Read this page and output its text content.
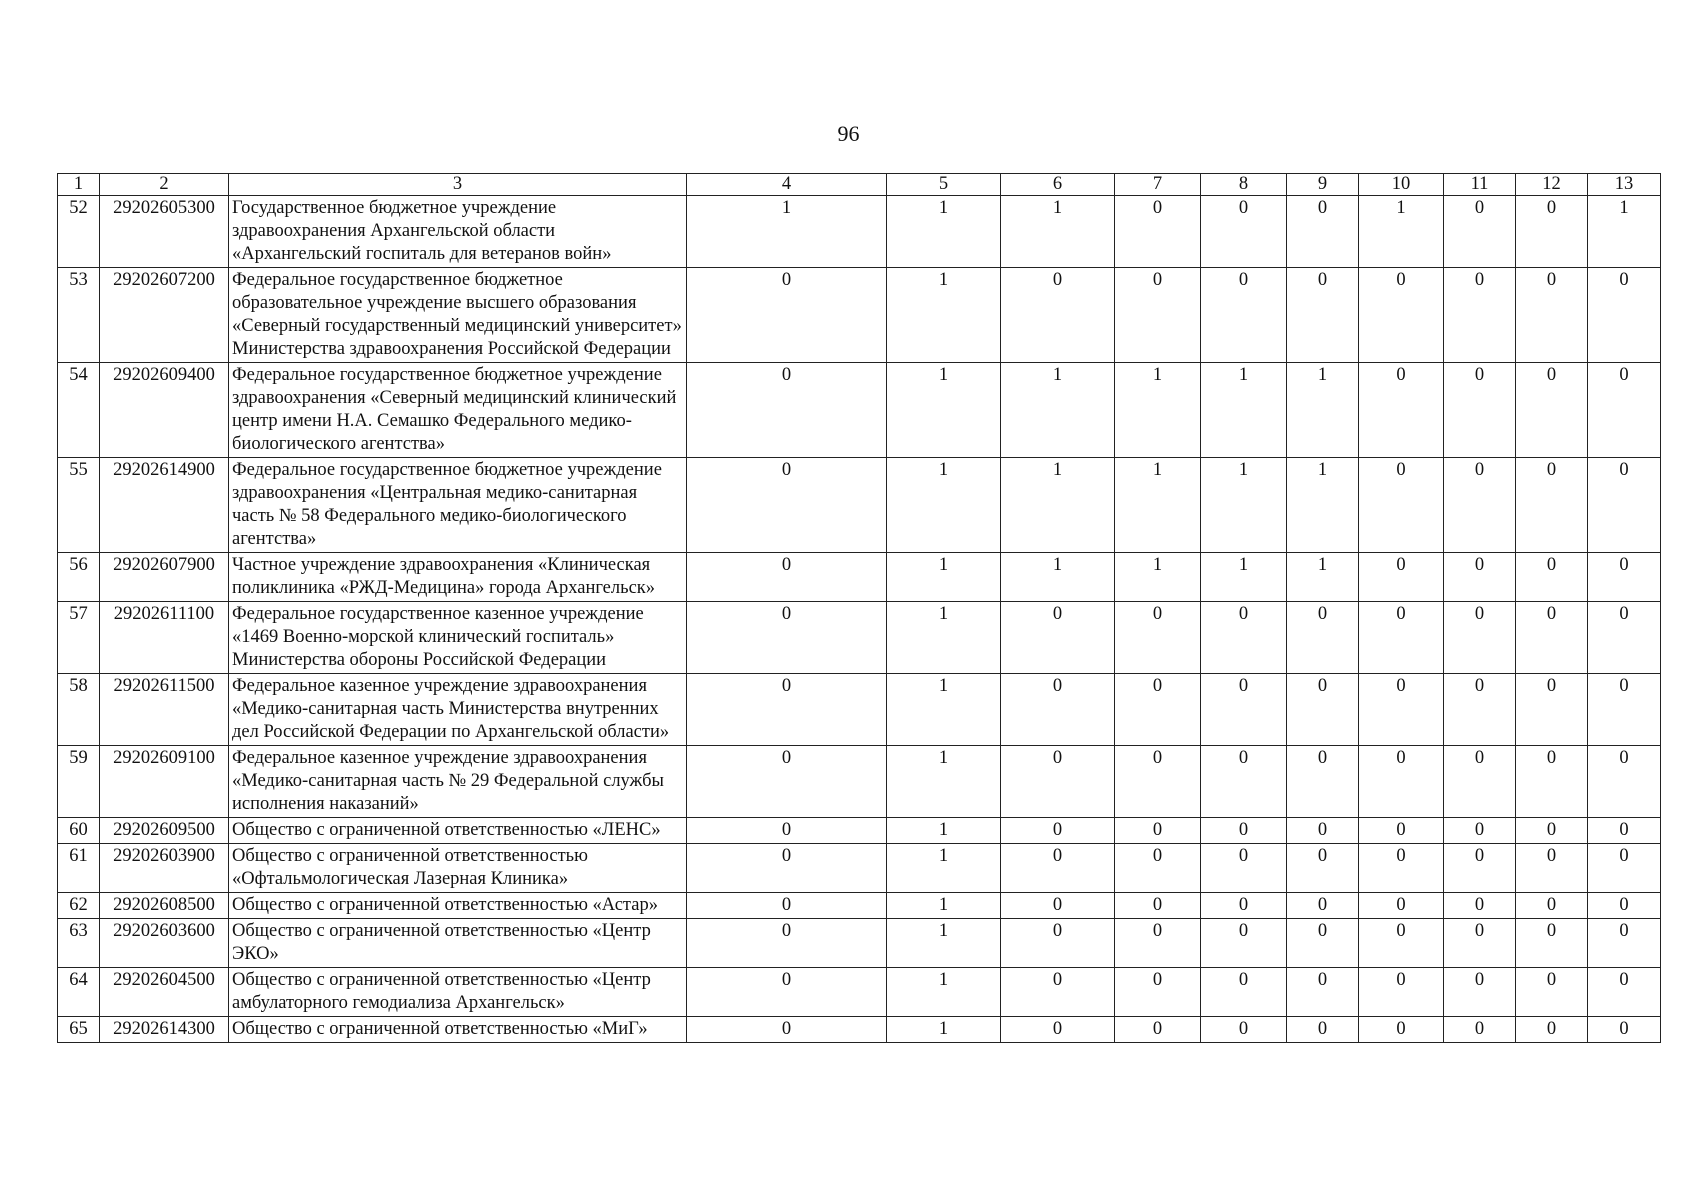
96
1	2	3	4	5	6	7	8	9	10	11	12	13
52	29202605300	Государственное бюджетное учреждение здравоохранения Архангельской области «Архангельский госпиталь для ветеранов войн»	1	1	1	0	0	0	1	0	0	1
53	29202607200	Федеральное государственное бюджетное образовательное учреждение высшего образования «Северный государственный медицинский университет» Министерства здравоохранения Российской Федерации	0	1	0	0	0	0	0	0	0	0
54	29202609400	Федеральное государственное бюджетное учреждение здравоохранения «Северный медицинский клинический центр имени Н.А. Семашко Федерального медико-биологического агентства»	0	1	1	1	1	1	0	0	0	0
55	29202614900	Федеральное государственное бюджетное учреждение здравоохранения «Центральная медико-санитарная часть № 58 Федерального медико-биологического агентства»	0	1	1	1	1	1	0	0	0	0
56	29202607900	Частное учреждение здравоохранения «Клиническая поликлиника «РЖД-Медицина» города Архангельск»	0	1	1	1	1	1	0	0	0	0
57	29202611100	Федеральное государственное казенное учреждение «1469 Военно-морской клинический госпиталь» Министерства обороны Российской Федерации	0	1	0	0	0	0	0	0	0	0
58	29202611500	Федеральное казенное учреждение здравоохранения «Медико-санитарная часть Министерства внутренних дел Российской Федерации по Архангельской области»	0	1	0	0	0	0	0	0	0	0
59	29202609100	Федеральное казенное учреждение здравоохранения «Медико-санитарная часть № 29 Федеральной службы исполнения наказаний»	0	1	0	0	0	0	0	0	0	0
60	29202609500	Общество с ограниченной ответственностью «ЛЕНС»	0	1	0	0	0	0	0	0	0	0
61	29202603900	Общество с ограниченной ответственностью «Офтальмологическая Лазерная Клиника»	0	1	0	0	0	0	0	0	0	0
62	29202608500	Общество с ограниченной ответственностью «Астар»	0	1	0	0	0	0	0	0	0	0
63	29202603600	Общество с ограниченной ответственностью «Центр ЭКО»	0	1	0	0	0	0	0	0	0	0
64	29202604500	Общество с ограниченной ответственностью «Центр амбулаторного гемодиализа Архангельск»	0	1	0	0	0	0	0	0	0	0
65	29202614300	Общество с ограниченной ответственностью «МиГ»	0	1	0	0	0	0	0	0	0	0
